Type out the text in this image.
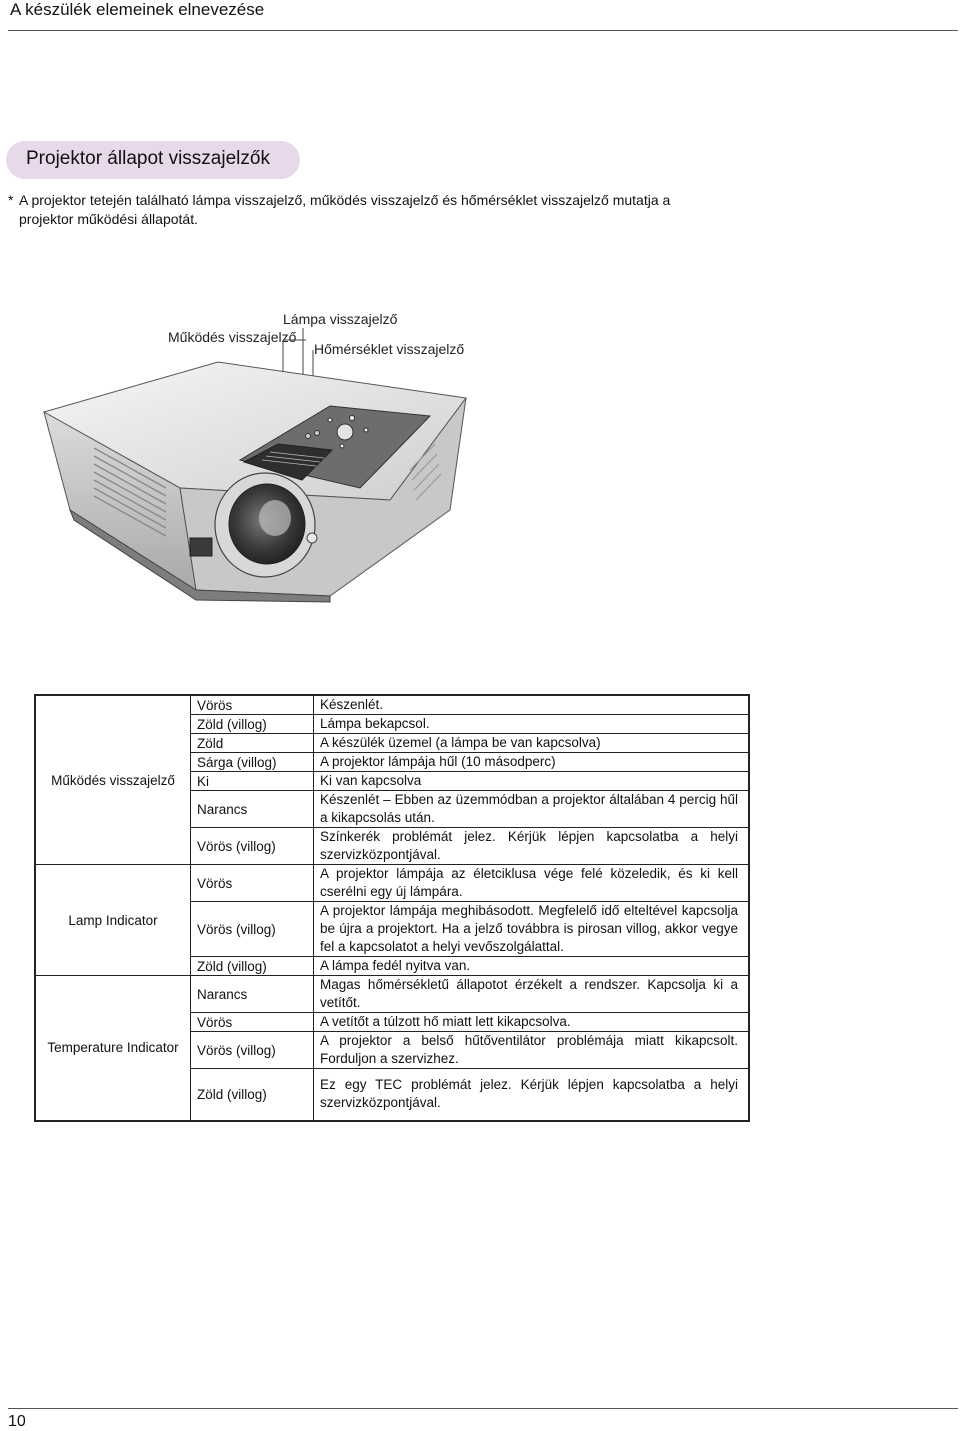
A készülék elemeinek elnevezése
Projektor állapot visszajelzők
* A projektor tetején található lámpa visszajelző, működés visszajelző és hőmérséklet visszajelző mutatja a projektor működési állapotát.
Lámpa visszajelző
Működés visszajelző
Hőmérséklet visszajelző
Működés visszajelző	Vörös	Készenlét.
	Zöld (villog)	Lámpa bekapcsol.
	Zöld	A készülék üzemel (a lámpa be van kapcsolva)
	Sárga (villog)	A projektor lámpája hűl (10 másodperc)
	Ki	Ki van kapcsolva
	Narancs	Készenlét – Ebben az üzemmódban a projektor általában 4 percig hűl a kikapcsolás után.
	Vörös (villog)	Színkerék problémát jelez. Kérjük lépjen kapcsolatba a helyi szervizközpontjával.
Lamp Indicator	Vörös	A projektor lámpája az életciklusa vége felé közeledik, és ki kell cserélni egy új lámpára.
	Vörös (villog)	A projektor lámpája meghibásodott. Megfelelő idő elteltével kapcsolja be újra a projektort. Ha a jelző továbbra is pirosan villog, akkor vegye fel a kapcsolatot a helyi vevőszolgálattal.
	Zöld (villog)	A lámpa fedél nyitva van.
Temperature Indicator	Narancs	Magas hőmérsékletű állapotot érzékelt a rendszer. Kapcsolja ki a vetítőt.
	Vörös	A vetítőt a túlzott hő miatt lett kikapcsolva.
	Vörös (villog)	A projektor a belső hűtőventilátor problémája miatt kikapcsolt. Forduljon a szervizhez.
	Zöld (villog)	Ez egy TEC problémát jelez. Kérjük lépjen kapcsolatba a helyi szervizközpontjával.
10
